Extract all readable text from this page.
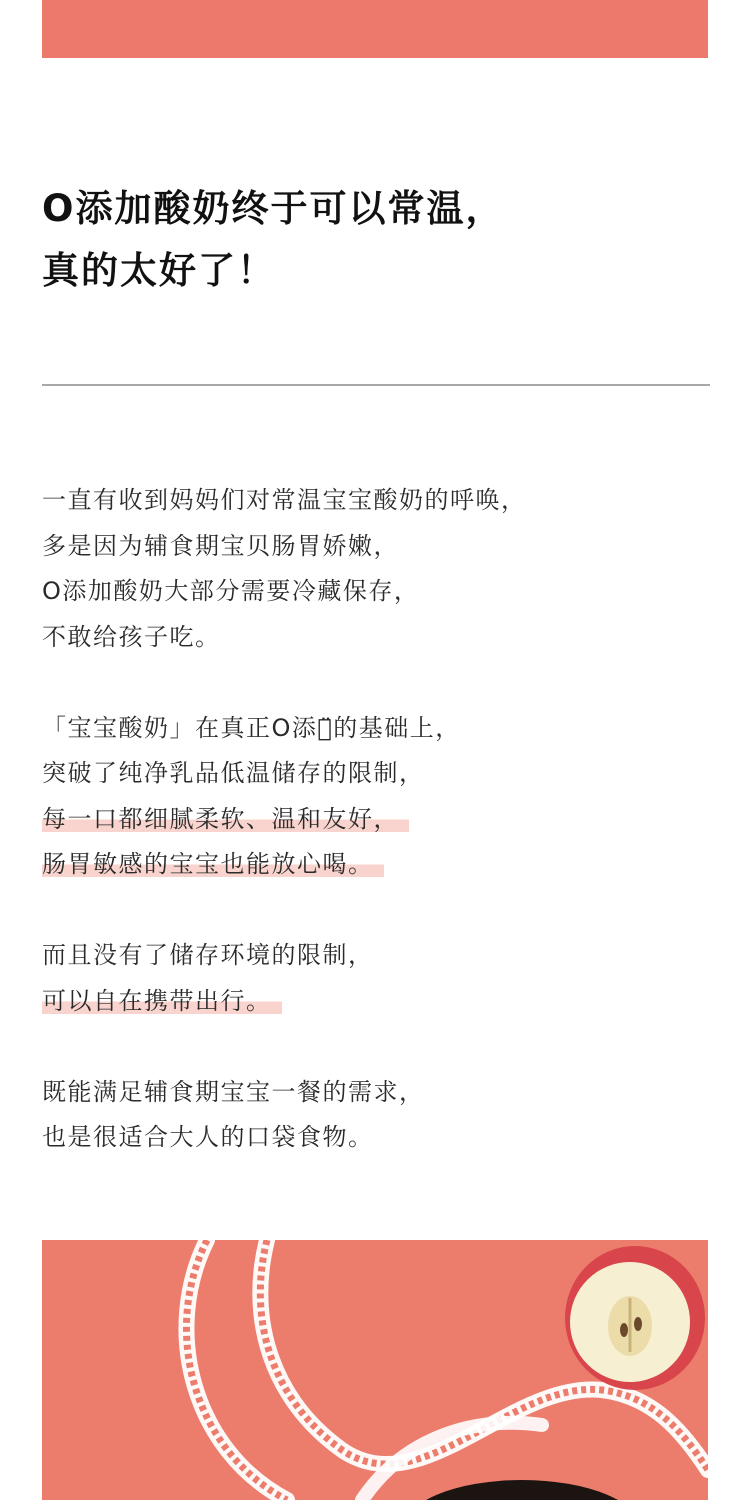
O添加酸奶终于可以常温，
真的太好了！

一直有收到妈妈们对常温宝宝酸奶的呼唤，
多是因为辅食期宝贝肠胃娇嫩，
O添加酸奶大部分需要冷藏保存，
不敢给孩子吃。

「宝宝酸奶」在真正O添加̈的基础上，
突破了纯净乳品低温储存的限制，
每一口都细腻柔软、温和友好，
肠胃敏感的宝宝也能放心喝。

而且没有了储存环境的限制，
可以自在携带出行。

既能满足辅食期宝宝一餐的需求，
也是很适合大人的口袋食物。
